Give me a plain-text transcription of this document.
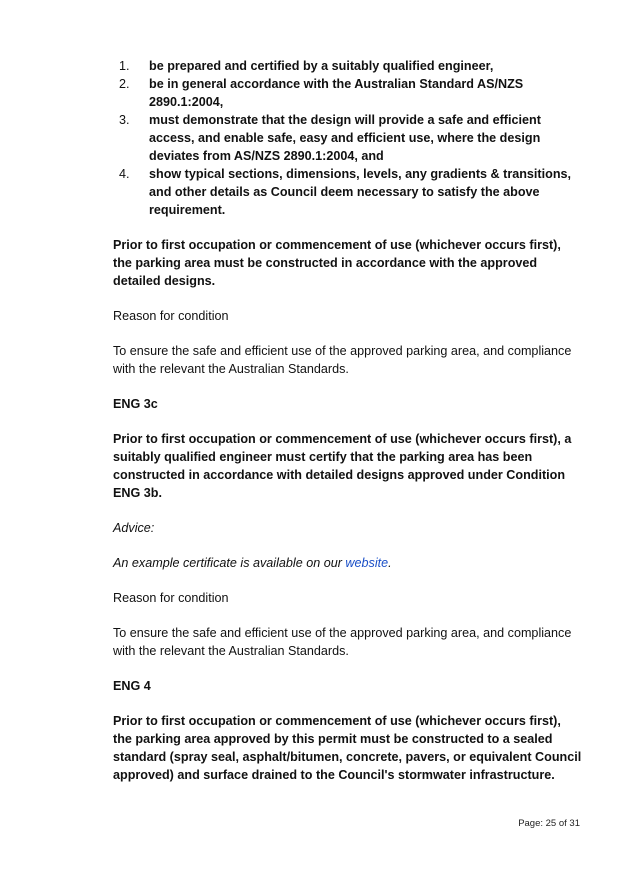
1. be prepared and certified by a suitably qualified engineer,
2. be in general accordance with the Australian Standard AS/NZS 2890.1:2004,
3. must demonstrate that the design will provide a safe and efficient access, and enable safe, easy and efficient use, where the design deviates from AS/NZS 2890.1:2004, and
4. show typical sections, dimensions, levels, any gradients & transitions, and other details as Council deem necessary to satisfy the above requirement.

Prior to first occupation or commencement of use (whichever occurs first), the parking area must be constructed in accordance with the approved detailed designs.

Reason for condition

To ensure the safe and efficient use of the approved parking area, and compliance with the relevant the Australian Standards.

ENG 3c

Prior to first occupation or commencement of use (whichever occurs first), a suitably qualified engineer must certify that the parking area has been constructed in accordance with detailed designs approved under Condition ENG 3b.

Advice:

An example certificate is available on our website.

Reason for condition

To ensure the safe and efficient use of the approved parking area, and compliance with the relevant the Australian Standards.

ENG 4

Prior to first occupation or commencement of use (whichever occurs first), the parking area approved by this permit must be constructed to a sealed standard (spray seal, asphalt/bitumen, concrete, pavers, or equivalent Council approved) and surface drained to the Council's stormwater infrastructure.

Page: 25 of 31
